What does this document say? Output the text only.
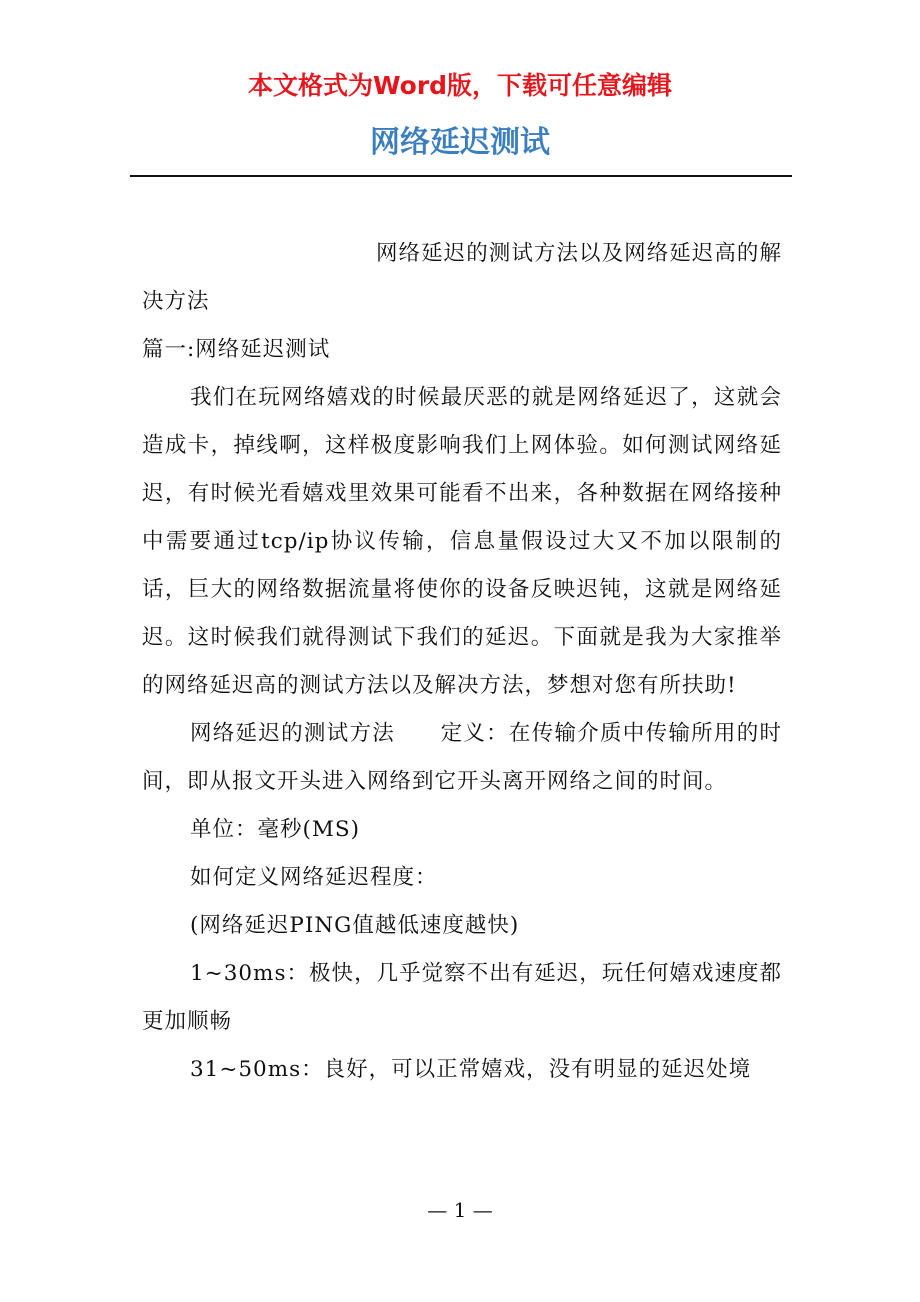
本文格式为Word版，下载可任意编辑
网络延迟测试

网络延迟的测试方法以及网络延迟高的解决方法

篇一:网络延迟测试

我们在玩网络嬉戏的时候最厌恶的就是网络延迟了，这就会造成卡，掉线啊，这样极度影响我们上网体验。如何测试网络延迟，有时候光看嬉戏里效果可能看不出来，各种数据在网络接种中需要通过tcp/ip协议传输，信息量假设过大又不加以限制的话，巨大的网络数据流量将使你的设备反映迟钝，这就是网络延迟。这时候我们就得测试下我们的延迟。下面就是我为大家推举的网络延迟高的测试方法以及解决方法，梦想对您有所扶助!

网络延迟的测试方法　　定义：在传输介质中传输所用的时间，即从报文开头进入网络到它开头离开网络之间的时间。

单位：毫秒(MS)

如何定义网络延迟程度：

(网络延迟PING值越低速度越快)

1~30ms：极快，几乎觉察不出有延迟，玩任何嬉戏速度都更加顺畅

31~50ms：良好，可以正常嬉戏，没有明显的延迟处境

— 1 —
